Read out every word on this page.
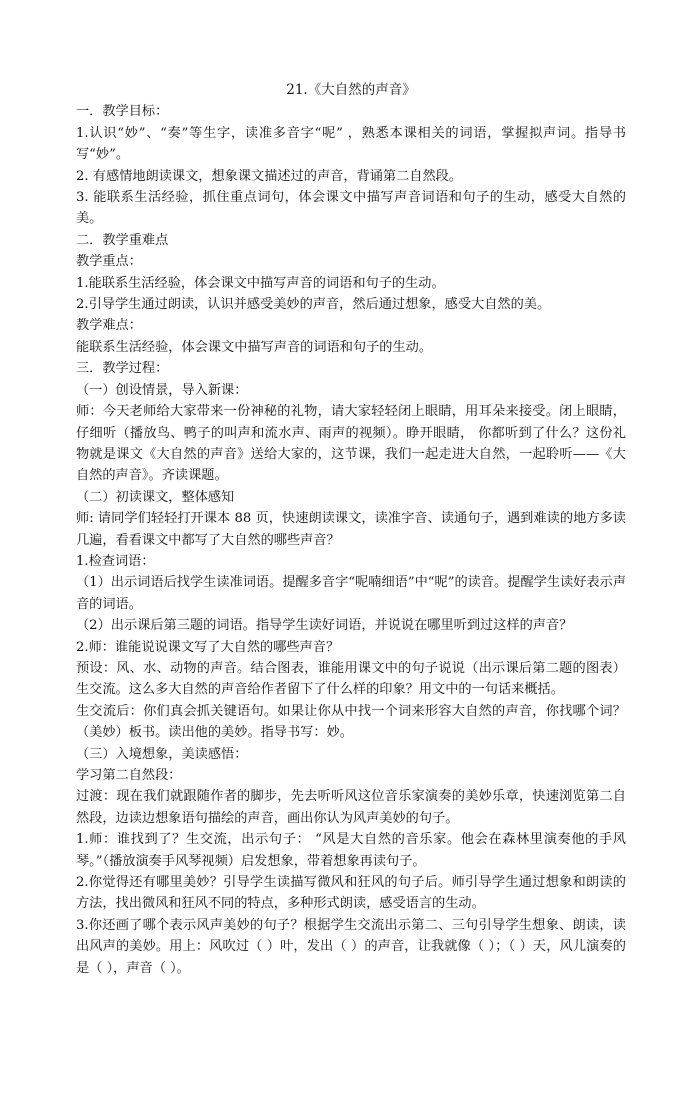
21.《大自然的声音》

一．教学目标：

1.认识“妙”、“奏”等生字，读准多音字“呢” ，熟悉本课相关的词语，掌握拟声词。指导书写“妙”。

2. 有感情地朗读课文，想象课文描述过的声音，背诵第二自然段。

3. 能联系生活经验，抓住重点词句，体会课文中描写声音词语和句子的生动，感受大自然的美。

二．教学重难点

教学重点：

1.能联系生活经验，体会课文中描写声音的词语和句子的生动。

2.引导学生通过朗读，认识并感受美妙的声音，然后通过想象，感受大自然的美。

教学难点：

能联系生活经验，体会课文中描写声音的词语和句子的生动。

三．教学过程：

（一）创设情景，导入新课：

师：今天老师给大家带来一份神秘的礼物，请大家轻轻闭上眼睛，用耳朵来接受。闭上眼睛，仔细听（播放鸟、鸭子的叫声和流水声、雨声的视频）。睁开眼睛， 你都听到了什么？这份礼物就是课文《大自然的声音》送给大家的，这节课，我们一起走进大自然，一起聆听——《大自然的声音》。齐读课题。

（二）初读课文，整体感知

师: 请同学们轻轻打开课本 88 页，快速朗读课文，读准字音、读通句子，遇到难读的地方多读几遍，看看课文中都写了大自然的哪些声音？

1.检查词语：

（1）出示词语后找学生读准词语。提醒多音字“呢喃细语”中“呢”的读音。提醒学生读好表示声音的词语。

（2）出示课后第三题的词语。指导学生读好词语，并说说在哪里听到过这样的声音？

2.师：谁能说说课文写了大自然的哪些声音？

预设：风、水、动物的声音。结合图表，谁能用课文中的句子说说（出示课后第二题的图表）生交流。这么多大自然的声音给作者留下了什么样的印象？用文中的一句话来概括。

生交流后：你们真会抓关键语句。如果让你从中找一个词来形容大自然的声音，你找哪个词？（美妙）板书。读出他的美妙。指导书写：妙。

（三）入境想象，美读感悟：

学习第二自然段：

过渡：现在我们就跟随作者的脚步，先去听听风这位音乐家演奏的美妙乐章，快速浏览第二自然段，边读边想象语句描绘的声音，画出你认为风声美妙的句子。

1.师：谁找到了？生交流，出示句子： “风是大自然的音乐家。他会在森林里演奏他的手风琴。”（播放演奏手风琴视频）启发想象，带着想象再读句子。

2.你觉得还有哪里美妙？引导学生读描写微风和狂风的句子后。师引导学生通过想象和朗读的方法，找出微风和狂风不同的特点，多种形式朗读，感受语言的生动。

3.你还画了哪个表示风声美妙的句子？根据学生交流出示第二、三句引导学生想象、朗读，读出风声的美妙。用上：风吹过（ ）叶，发出（ ）的声音，让我就像（ ）；（ ）天，风儿演奏的是（ ），声音（ ）。
